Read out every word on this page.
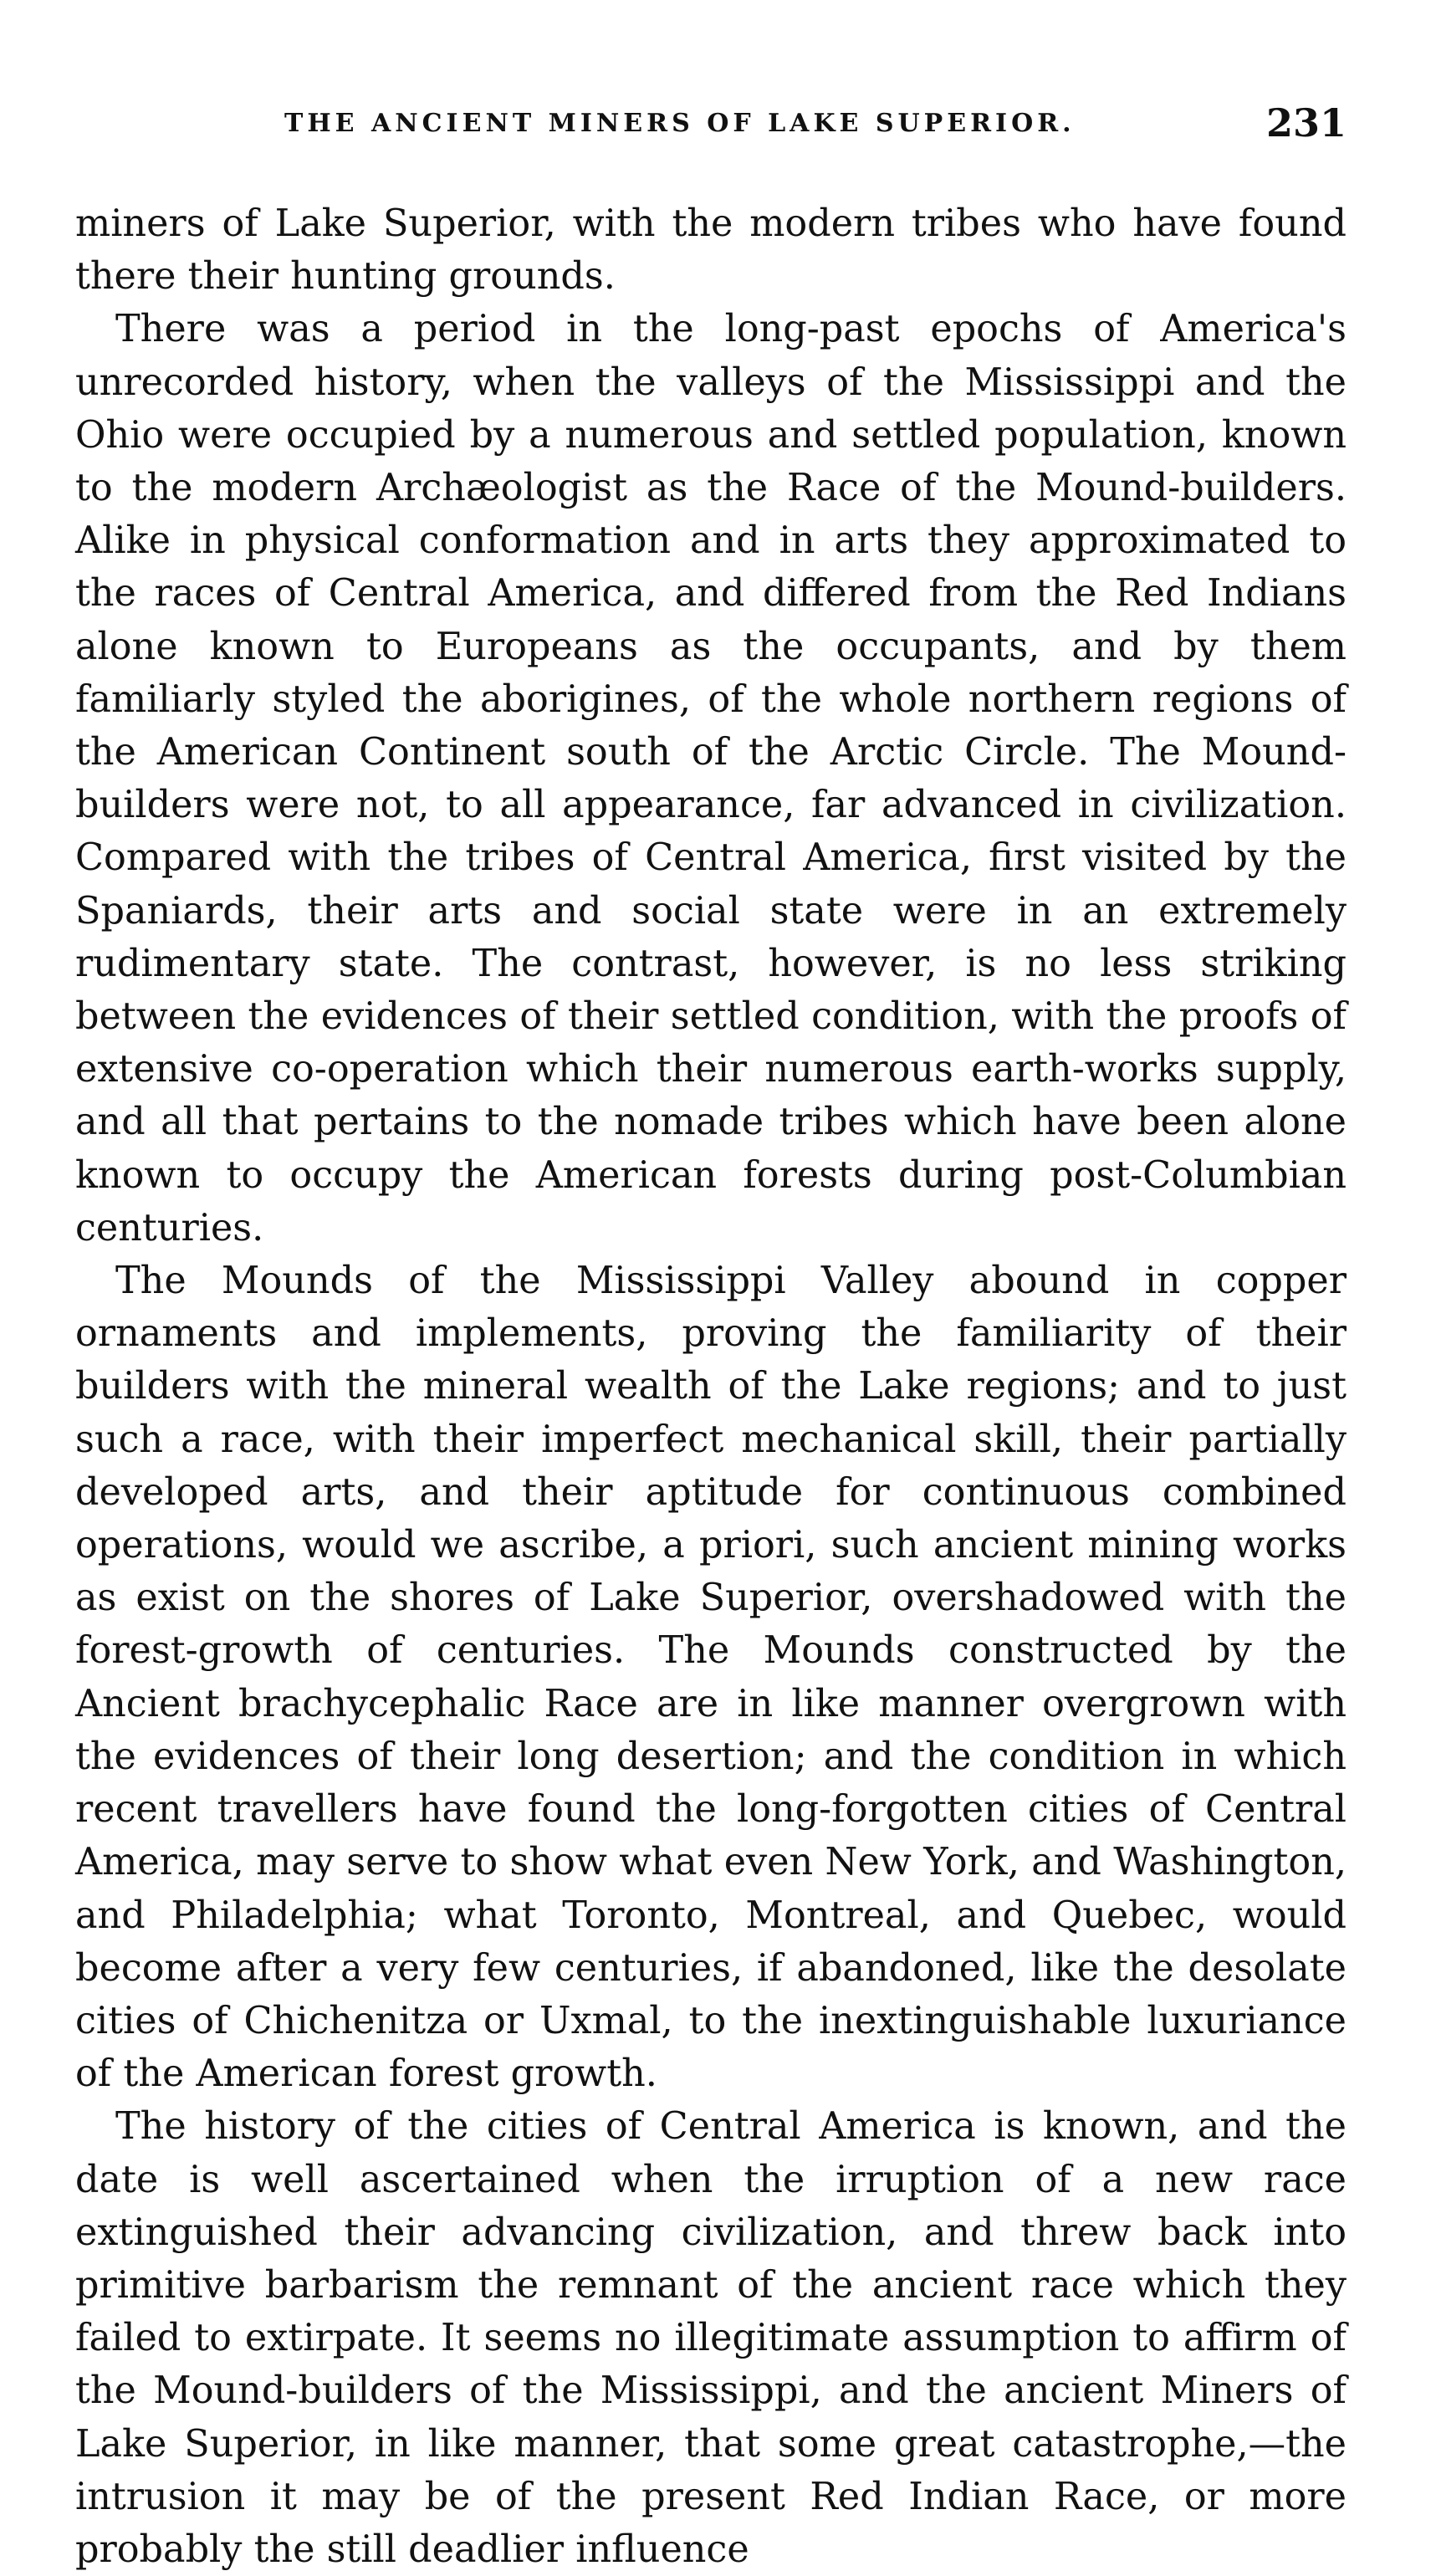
THE ANCIENT MINERS OF LAKE SUPERIOR.	231

miners of Lake Superior, with the modern tribes who have found there their hunting grounds.

There was a period in the long-past epochs of America's unrecorded history, when the valleys of the Mississippi and the Ohio were occupied by a numerous and settled population, known to the modern Archæologist as the Race of the Mound-builders. Alike in physical conformation and in arts they approximated to the races of Central America, and differed from the Red Indians alone known to Europeans as the occupants, and by them familiarly styled the aborigines, of the whole northern regions of the American Continent south of the Arctic Circle. The Mound-builders were not, to all appearance, far advanced in civilization. Compared with the tribes of Central America, first visited by the Spaniards, their arts and social state were in an extremely rudimentary state. The contrast, however, is no less striking between the evidences of their settled condition, with the proofs of extensive co-operation which their numerous earth-works supply, and all that pertains to the nomade tribes which have been alone known to occupy the American forests during post-Columbian centuries.

The Mounds of the Mississippi Valley abound in copper ornaments and implements, proving the familiarity of their builders with the mineral wealth of the Lake regions; and to just such a race, with their imperfect mechanical skill, their partially developed arts, and their aptitude for continuous combined operations, would we ascribe, a priori, such ancient mining works as exist on the shores of Lake Superior, overshadowed with the forest-growth of centuries. The Mounds constructed by the Ancient brachycephalic Race are in like manner overgrown with the evidences of their long desertion; and the condition in which recent travellers have found the long-forgotten cities of Central America, may serve to show what even New York, and Washington, and Philadelphia; what Toronto, Montreal, and Quebec, would become after a very few centuries, if abandoned, like the desolate cities of Chichenitza or Uxmal, to the inextinguishable luxuriance of the American forest growth.

The history of the cities of Central America is known, and the date is well ascertained when the irruption of a new race extinguished their advancing civilization, and threw back into primitive barbarism the remnant of the ancient race which they failed to extirpate. It seems no illegitimate assumption to affirm of the Mound-builders of the Mississippi, and the ancient Miners of Lake Superior, in like manner, that some great catastrophe,—the intrusion it may be of the present Red Indian Race, or more probably the still deadlier influence
